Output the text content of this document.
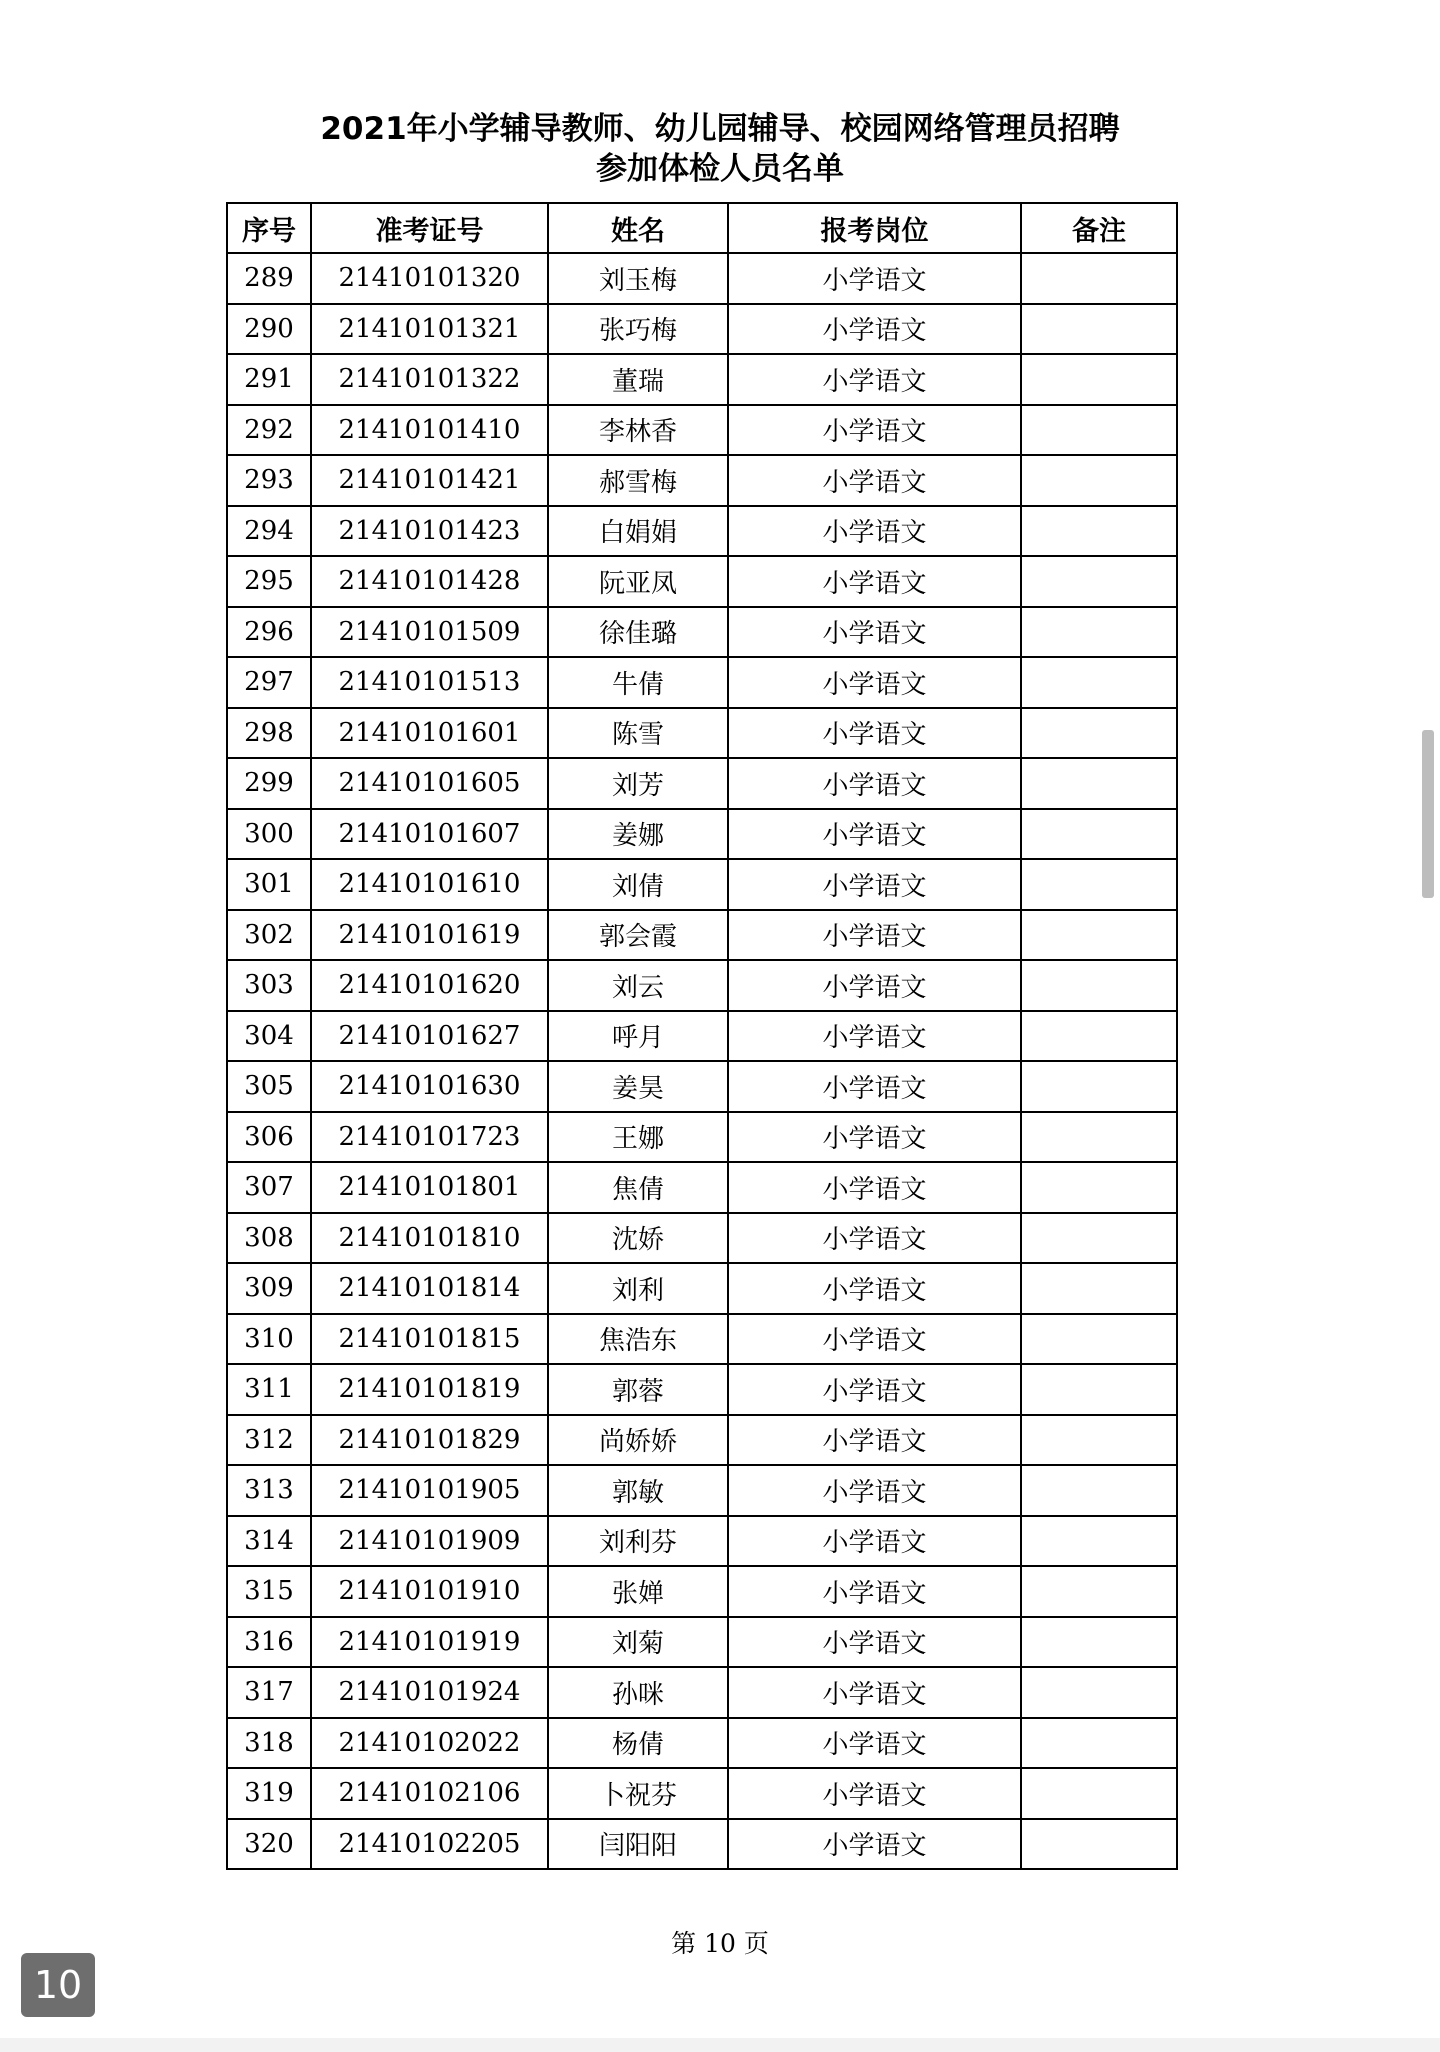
2021年小学辅导教师、幼儿园辅导、校园网络管理员招聘
参加体检人员名单
序号	准考证号	姓名	报考岗位	备注
289	21410101320	刘玉梅	小学语文	
290	21410101321	张巧梅	小学语文	
291	21410101322	董瑞	小学语文	
292	21410101410	李林香	小学语文	
293	21410101421	郝雪梅	小学语文	
294	21410101423	白娟娟	小学语文	
295	21410101428	阮亚凤	小学语文	
296	21410101509	徐佳璐	小学语文	
297	21410101513	牛倩	小学语文	
298	21410101601	陈雪	小学语文	
299	21410101605	刘芳	小学语文	
300	21410101607	姜娜	小学语文	
301	21410101610	刘倩	小学语文	
302	21410101619	郭会霞	小学语文	
303	21410101620	刘云	小学语文	
304	21410101627	呼月	小学语文	
305	21410101630	姜昊	小学语文	
306	21410101723	王娜	小学语文	
307	21410101801	焦倩	小学语文	
308	21410101810	沈娇	小学语文	
309	21410101814	刘利	小学语文	
310	21410101815	焦浩东	小学语文	
311	21410101819	郭蓉	小学语文	
312	21410101829	尚娇娇	小学语文	
313	21410101905	郭敏	小学语文	
314	21410101909	刘利芬	小学语文	
315	21410101910	张婵	小学语文	
316	21410101919	刘菊	小学语文	
317	21410101924	孙咪	小学语文	
318	21410102022	杨倩	小学语文	
319	21410102106	卜祝芬	小学语文	
320	21410102205	闫阳阳	小学语文	
第 10 页
10
